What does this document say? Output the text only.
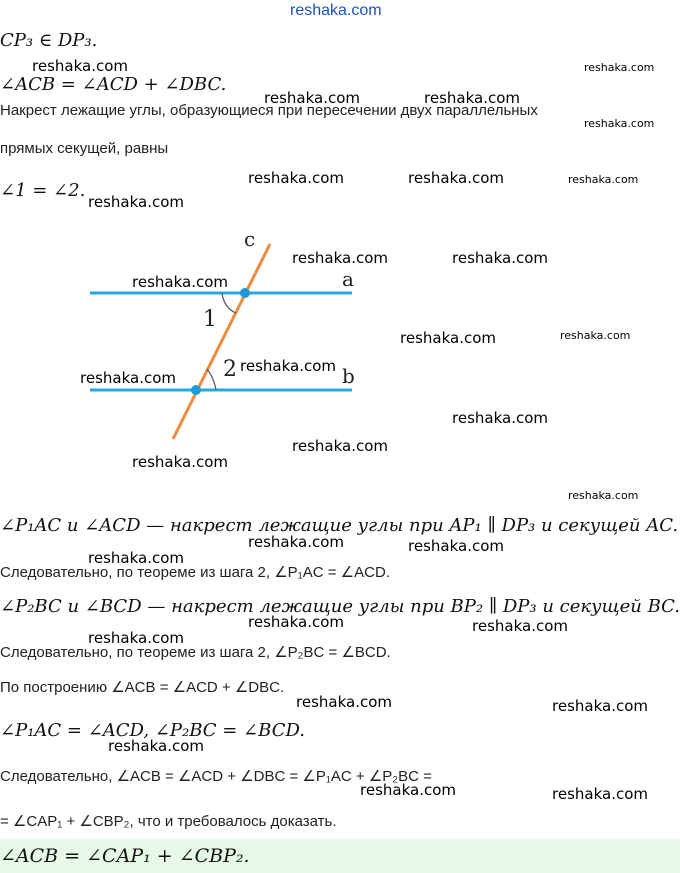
reshaka.com
CP₃ ∈ DP₃.
∠ACB = ∠ACD + ∠DBC.
Накрест лежащие углы, образующиеся при пересечении двух параллельных
прямых секущей, равны
∠1 = ∠2.
c
a
b
1
2
∠P₁AC и ∠ACD — накрест лежащие углы при AP₁ ∥ DP₃ и секущей AC.
Следовательно, по теореме из шага 2, ∠P₁AC = ∠ACD.
∠P₂BC и ∠BCD — накрест лежащие углы при BP₂ ∥ DP₃ и секущей BC.
Следовательно, по теореме из шага 2, ∠P₂BC = ∠BCD.
По построению ∠ACB = ∠ACD + ∠DBC.
∠P₁AC = ∠ACD, ∠P₂BC = ∠BCD.
Следовательно, ∠ACB = ∠ACD + ∠DBC = ∠P₁AC + ∠P₂BC =
= ∠CAP₁ + ∠CBP₂, что и требовалось доказать.
∠ACB = ∠CAP₁ + ∠CBP₂.
reshaka.com	reshaka.com
reshaka.com	reshaka.com
reshaka.com
reshaka.com	reshaka.com	reshaka.com
reshaka.com
reshaka.com	reshaka.com
reshaka.com
reshaka.com	reshaka.com
reshaka.com
reshaka.com
reshaka.com
reshaka.com
reshaka.com
reshaka.com
reshaka.com	reshaka.com
reshaka.com
reshaka.com	reshaka.com
reshaka.com
reshaka.com	reshaka.com
reshaka.com
reshaka.com	reshaka.com
